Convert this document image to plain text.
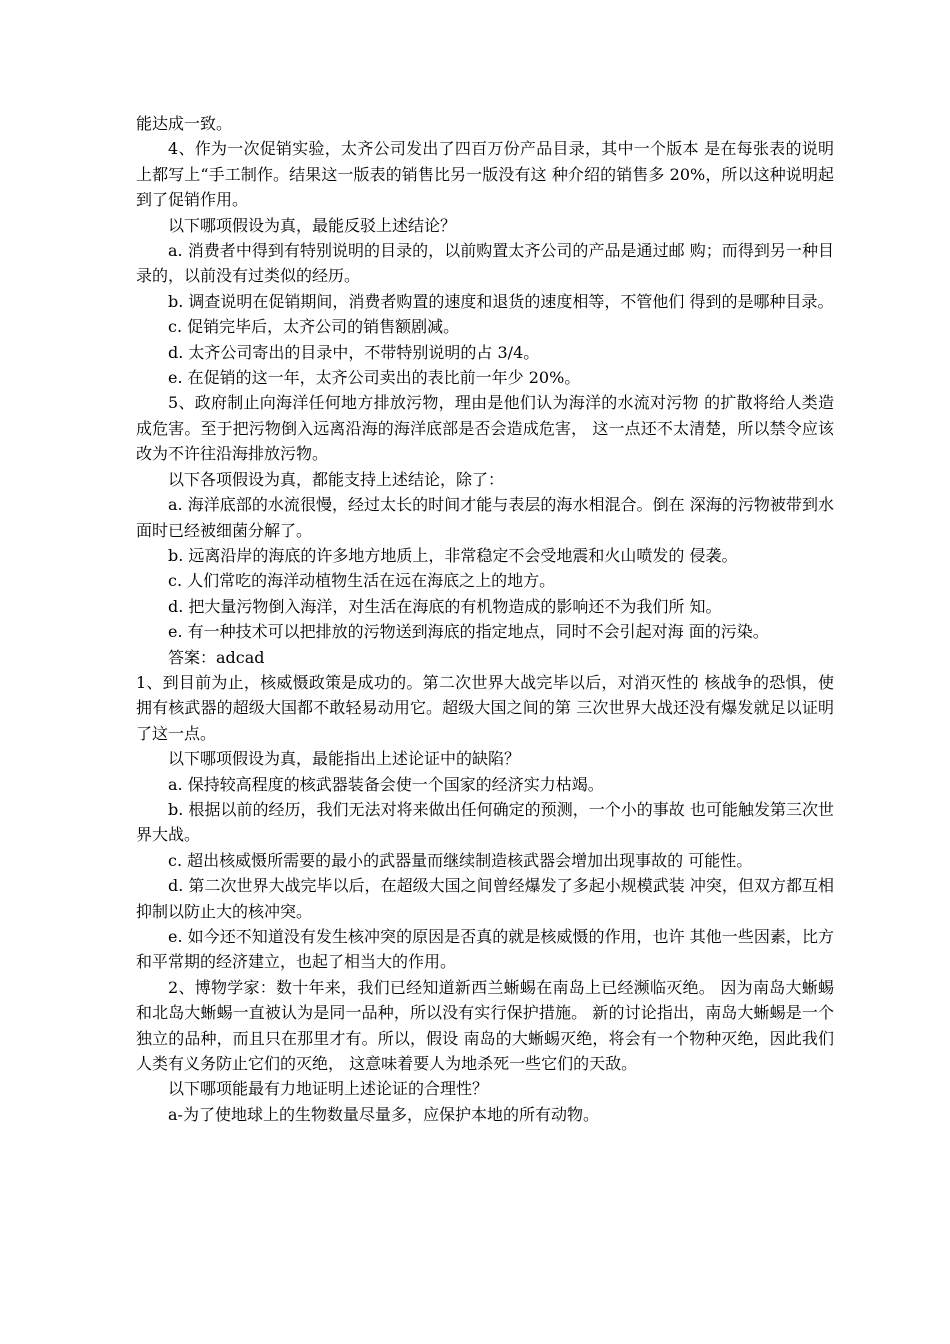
能达成一致。

4、作为一次促销实验，太齐公司发出了四百万份产品目录，其中一个版本 是在每张表的说明上都写上“手工制作。结果这一版表的销售比另一版没有这 种介绍的销售多 20%，所以这种说明起到了促销作用。

以下哪项假设为真，最能反驳上述结论？

a. 消费者中得到有特别说明的目录的，以前购置太齐公司的产品是通过邮 购；而得到另一种目录的，以前没有过类似的经历。

b. 调查说明在促销期间，消费者购置的速度和退货的速度相等，不管他们 得到的是哪种目录。

c. 促销完毕后，太齐公司的销售额剧减。

d. 太齐公司寄出的目录中，不带特别说明的占 3/4。

e. 在促销的这一年，太齐公司卖出的表比前一年少 20%。

5、政府制止向海洋任何地方排放污物，理由是他们认为海洋的水流对污物 的扩散将给人类造成危害。至于把污物倒入远离沿海的海洋底部是否会造成危害， 这一点还不太清楚，所以禁令应该改为不许往沿海排放污物。

以下各项假设为真，都能支持上述结论，除了：

a. 海洋底部的水流很慢，经过太长的时间才能与表层的海水相混合。倒在 深海的污物被带到水面时已经被细菌分解了。

b. 远离沿岸的海底的许多地方地质上，非常稳定不会受地震和火山喷发的 侵袭。

c. 人们常吃的海洋动植物生活在远在海底之上的地方。

d. 把大量污物倒入海洋，对生活在海底的有机物造成的影响还不为我们所 知。

e. 有一种技术可以把排放的污物送到海底的指定地点，同时不会引起对海 面的污染。

答案：adcad

1、到目前为止，核威慑政策是成功的。第二次世界大战完毕以后，对消灭性的 核战争的恐惧，使拥有核武器的超级大国都不敢轻易动用它。超级大国之间的第 三次世界大战还没有爆发就足以证明了这一点。

以下哪项假设为真，最能指出上述论证中的缺陷？

a. 保持较高程度的核武器装备会使一个国家的经济实力枯竭。

b. 根据以前的经历，我们无法对将来做出任何确定的预测，一个小的事故 也可能触发第三次世界大战。

c. 超出核威慑所需要的最小的武器量而继续制造核武器会增加出现事故的 可能性。

d. 第二次世界大战完毕以后，在超级大国之间曾经爆发了多起小规模武装 冲突，但双方都互相抑制以防止大的核冲突。

e. 如今还不知道没有发生核冲突的原因是否真的就是核威慑的作用，也许 其他一些因素，比方和平常期的经济建立，也起了相当大的作用。

2、博物学家：数十年来，我们已经知道新西兰蜥蜴在南岛上已经濒临灭绝。 因为南岛大蜥蜴和北岛大蜥蜴一直被认为是同一品种，所以没有实行保护措施。 新的讨论指出，南岛大蜥蜴是一个独立的品种，而且只在那里才有。所以，假设 南岛的大蜥蜴灭绝，将会有一个物种灭绝，因此我们人类有义务防止它们的灭绝， 这意味着要人为地杀死一些它们的天敌。

以下哪项能最有力地证明上述论证的合理性？

a-为了使地球上的生物数量尽量多，应保护本地的所有动物。
